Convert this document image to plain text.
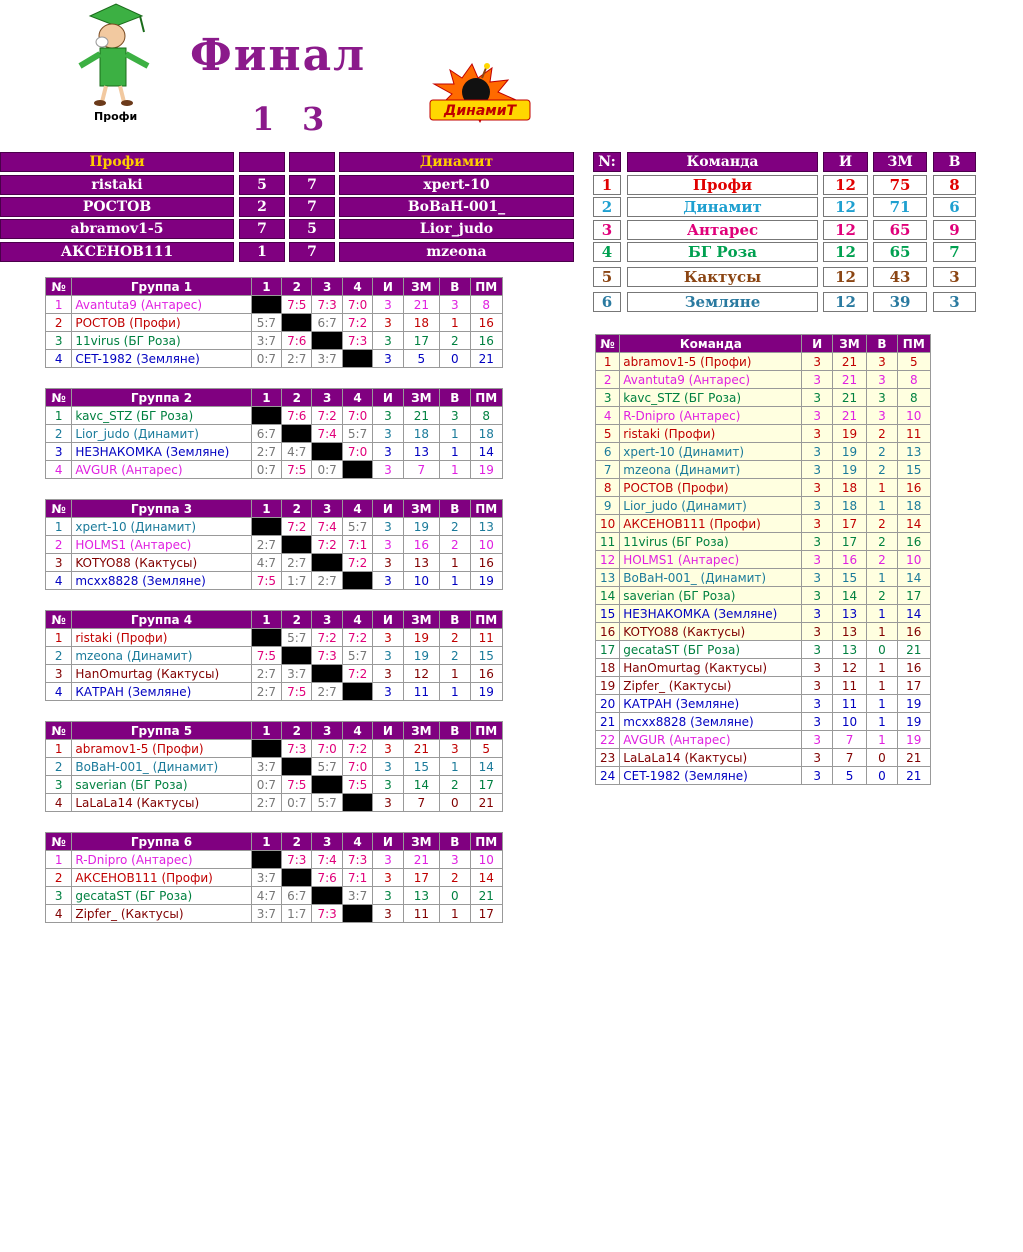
Профи
Финал
1 3	ДинамиТ
Профи	Динамит
ristaki	5	7	xpert-10
РОСТОВ	2	7	BoBaH-001_
abramov1-5	7	5	Lior_judo
АКСЕНОВ111	1	7	mzeona
N:	Команда	И	ЗМ	В
1	Профи	12	75	8
2	Динамит	12	71	6
3	Антарес	12	65	9
4	БГ Роза	12	65	7
5	Кактусы	12	43	3
6	Земляне	12	39	3
№	Группа 1	1	2	3	4	И	ЗМ	В	ПМ
1	Avantuta9 (Антарес)		7:5	7:3	7:0	3	21	3	8
2	РОСТОВ (Профи)	5:7		6:7	7:2	3	18	1	16
3	11virus (БГ Роза)	3:7	7:6		7:3	3	17	2	16
4	CET-1982 (Земляне)	0:7	2:7	3:7		3	5	0	21
№	Группа 2	1	2	3	4	И	ЗМ	В	ПМ
1	kavc_STZ (БГ Роза)		7:6	7:2	7:0	3	21	3	8
2	Lior_judo (Динамит)	6:7		7:4	5:7	3	18	1	18
3	НЕЗНАКОМКА (Земляне)	2:7	4:7		7:0	3	13	1	14
4	AVGUR (Антарес)	0:7	7:5	0:7		3	7	1	19
№	Группа 3	1	2	3	4	И	ЗМ	В	ПМ
1	xpert-10 (Динамит)		7:2	7:4	5:7	3	19	2	13
2	HOLMS1 (Антарес)	2:7		7:2	7:1	3	16	2	10
3	KOTYO88 (Кактусы)	4:7	2:7		7:2	3	13	1	16
4	mcxx8828 (Земляне)	7:5	1:7	2:7		3	10	1	19
№	Группа 4	1	2	3	4	И	ЗМ	В	ПМ
1	ristaki (Профи)		5:7	7:2	7:2	3	19	2	11
2	mzeona (Динамит)	7:5		7:3	5:7	3	19	2	15
3	HanOmurtag (Кактусы)	2:7	3:7		7:2	3	12	1	16
4	КАТРАН (Земляне)	2:7	7:5	2:7		3	11	1	19
№	Группа 5	1	2	3	4	И	ЗМ	В	ПМ
1	abramov1-5 (Профи)		7:3	7:0	7:2	3	21	3	5
2	BoBaH-001_ (Динамит)	3:7		5:7	7:0	3	15	1	14
3	saverian (БГ Роза)	0:7	7:5		7:5	3	14	2	17
4	LaLaLa14 (Кактусы)	2:7	0:7	5:7		3	7	0	21
№	Группа 6	1	2	3	4	И	ЗМ	В	ПМ
1	R-Dnipro (Антарес)		7:3	7:4	7:3	3	21	3	10
2	АКСЕНОВ111 (Профи)	3:7		7:6	7:1	3	17	2	14
3	gecataST (БГ Роза)	4:7	6:7		3:7	3	13	0	21
4	Zipfer_ (Кактусы)	3:7	1:7	7:3		3	11	1	17
№	Команда	И	ЗМ	В	ПМ
1	abramov1-5 (Профи)	3	21	3	5
2	Avantuta9 (Антарес)	3	21	3	8
3	kavc_STZ (БГ Роза)	3	21	3	8
4	R-Dnipro (Антарес)	3	21	3	10
5	ristaki (Профи)	3	19	2	11
6	xpert-10 (Динамит)	3	19	2	13
7	mzeona (Динамит)	3	19	2	15
8	РОСТОВ (Профи)	3	18	1	16
9	Lior_judo (Динамит)	3	18	1	18
10	АКСЕНОВ111 (Профи)	3	17	2	14
11	11virus (БГ Роза)	3	17	2	16
12	HOLMS1 (Антарес)	3	16	2	10
13	BoBaH-001_ (Динамит)	3	15	1	14
14	saverian (БГ Роза)	3	14	2	17
15	НЕЗНАКОМКА (Земляне)	3	13	1	14
16	KOTYO88 (Кактусы)	3	13	1	16
17	gecataST (БГ Роза)	3	13	0	21
18	HanOmurtag (Кактусы)	3	12	1	16
19	Zipfer_ (Кактусы)	3	11	1	17
20	КАТРАН (Земляне)	3	11	1	19
21	mcxx8828 (Земляне)	3	10	1	19
22	AVGUR (Антарес)	3	7	1	19
23	LaLaLa14 (Кактусы)	3	7	0	21
24	CET-1982 (Земляне)	3	5	0	21
